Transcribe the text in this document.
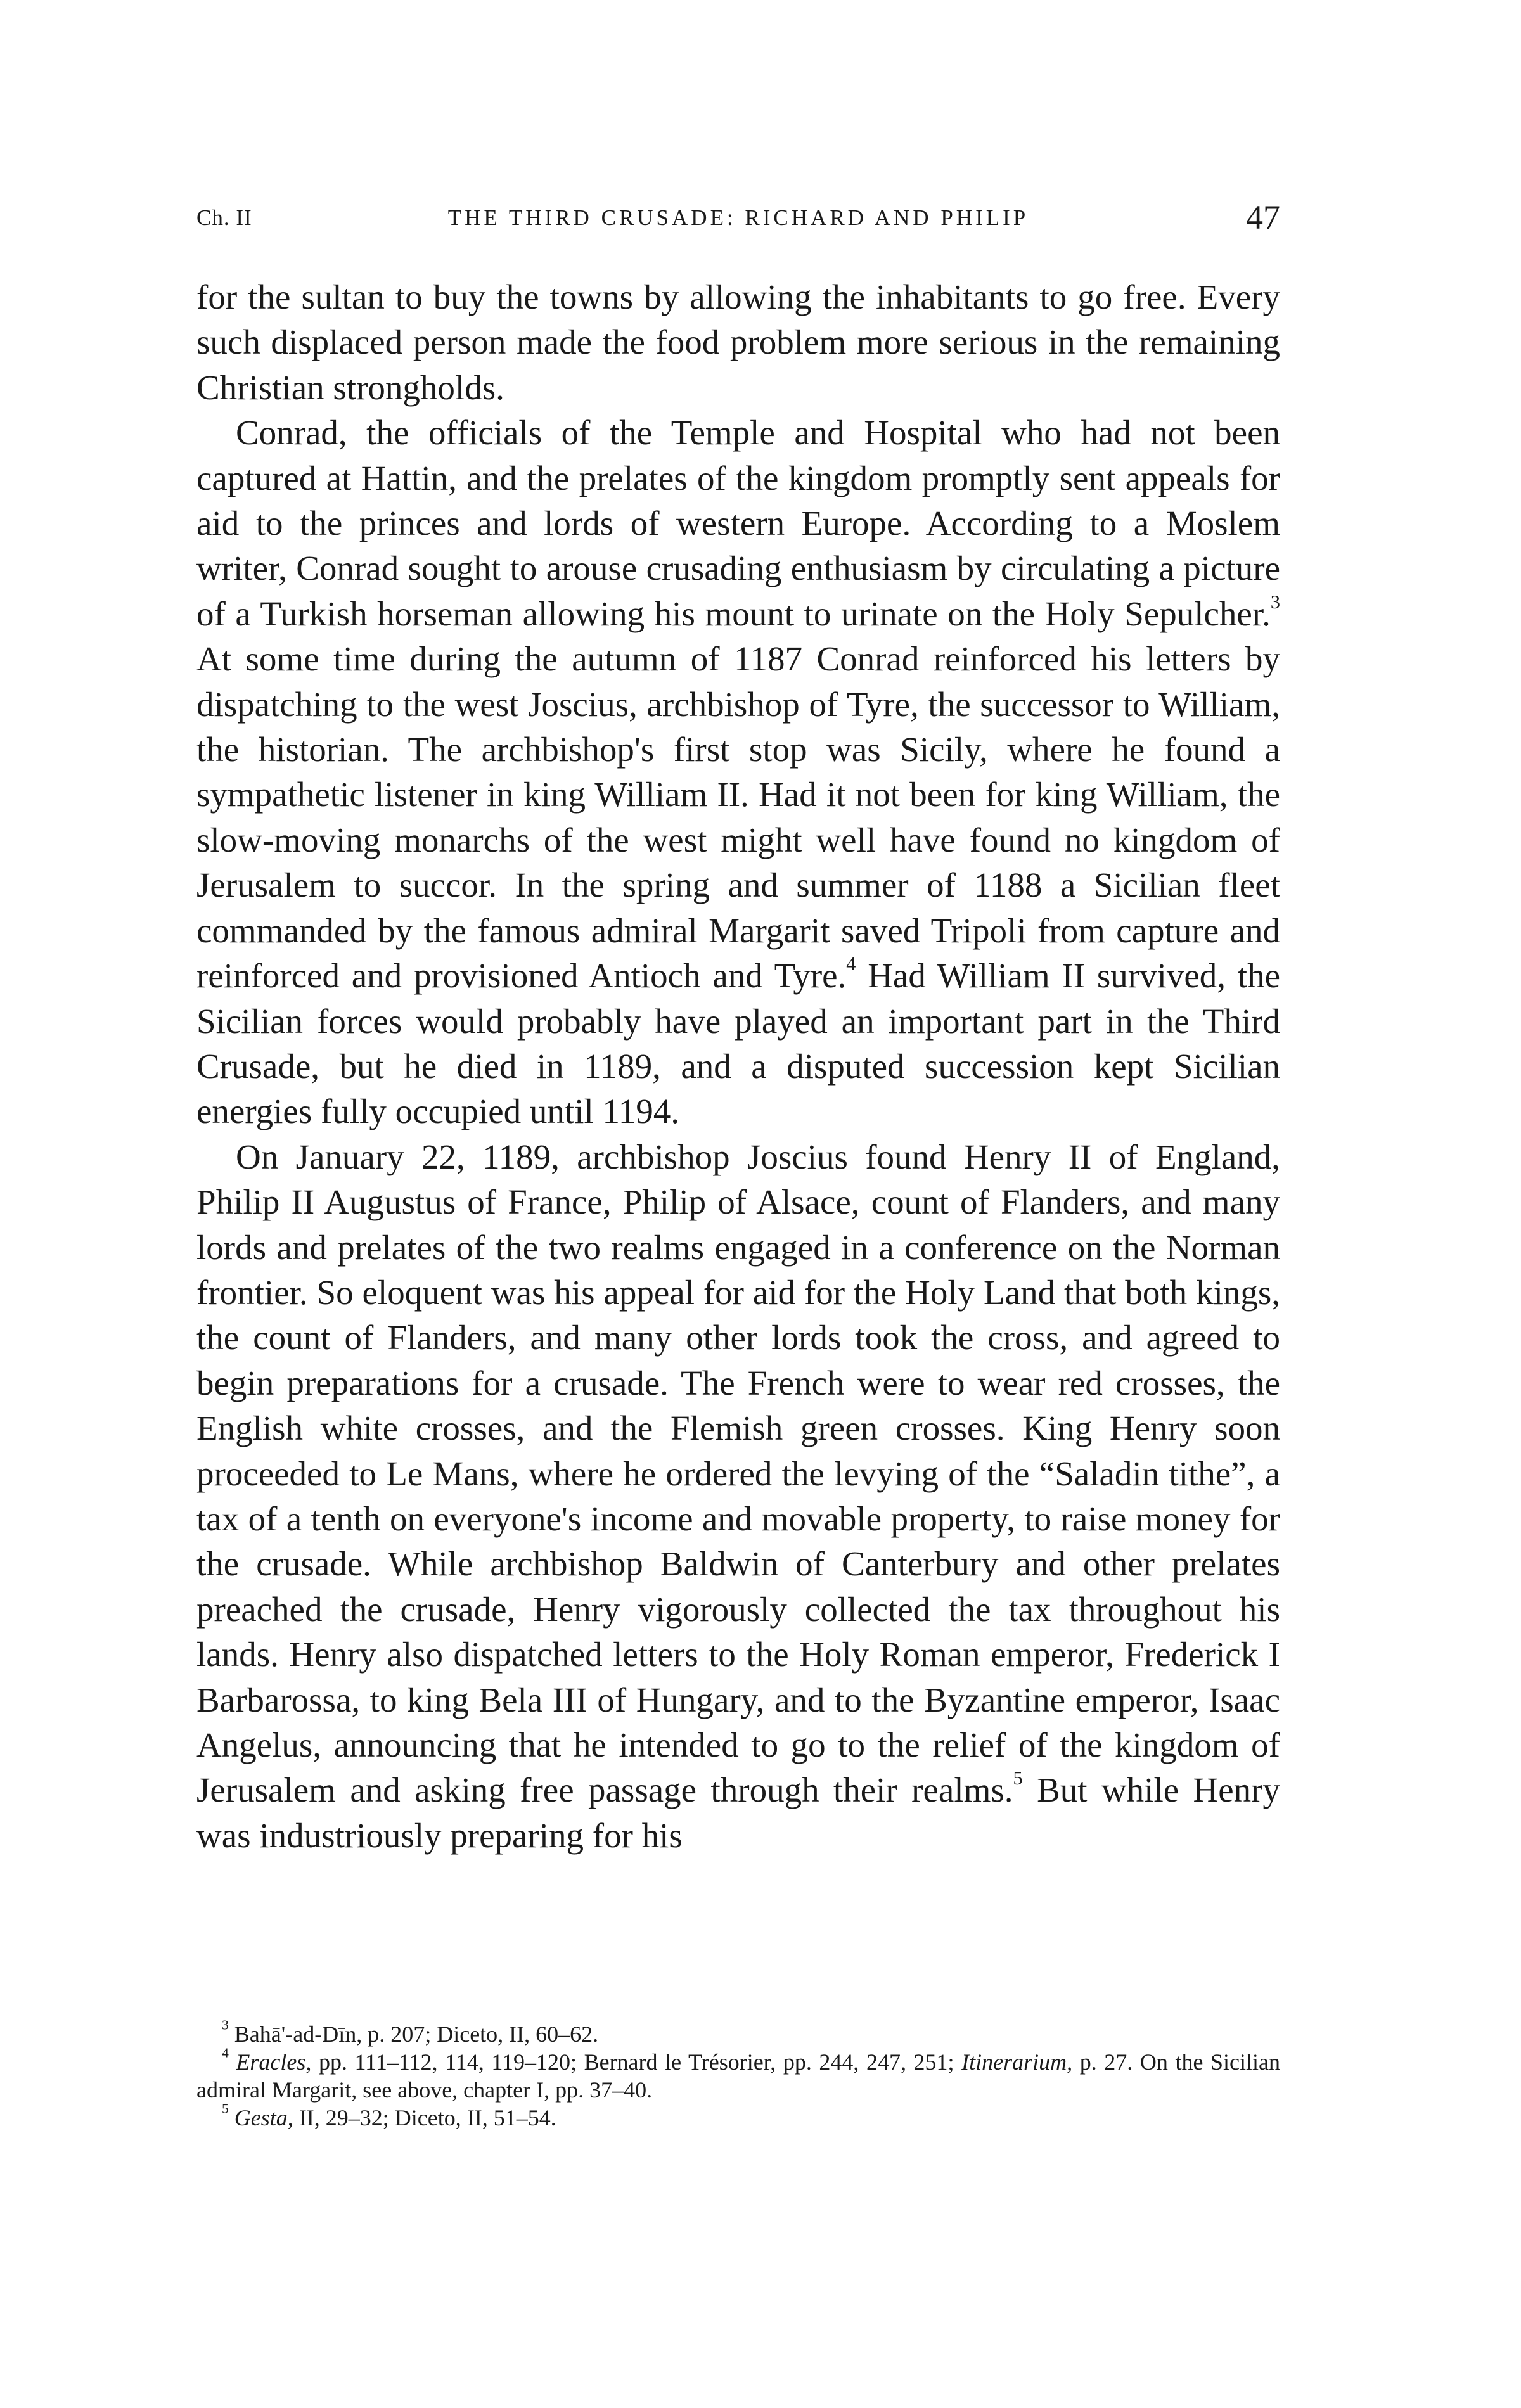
Ch. II	THE THIRD CRUSADE: RICHARD AND PHILIP	47

for the sultan to buy the towns by allowing the inhabitants to go free. Every such displaced person made the food problem more serious in the remaining Christian strongholds.

Conrad, the officials of the Temple and Hospital who had not been captured at Hattin, and the prelates of the kingdom promptly sent appeals for aid to the princes and lords of western Europe. According to a Moslem writer, Conrad sought to arouse crusading enthusiasm by circulating a picture of a Turkish horseman allowing his mount to urinate on the Holy Sepulcher.$^3$ At some time during the autumn of 1187 Conrad reinforced his letters by dispatching to the west Joscius, archbishop of Tyre, the successor to William, the historian. The archbishop's first stop was Sicily, where he found a sympathetic listener in king William II. Had it not been for king William, the slow-moving monarchs of the west might well have found no kingdom of Jerusalem to succor. In the spring and summer of 1188 a Sicilian fleet commanded by the famous admiral Margarit saved Tripoli from capture and reinforced and provisioned Antioch and Tyre.$^4$ Had William II survived, the Sicilian forces would probably have played an important part in the Third Crusade, but he died in 1189, and a disputed succession kept Sicilian energies fully occupied until 1194.

On January 22, 1189, archbishop Joscius found Henry II of England, Philip II Augustus of France, Philip of Alsace, count of Flanders, and many lords and prelates of the two realms engaged in a conference on the Norman frontier. So eloquent was his appeal for aid for the Holy Land that both kings, the count of Flanders, and many other lords took the cross, and agreed to begin preparations for a crusade. The French were to wear red crosses, the English white crosses, and the Flemish green crosses. King Henry soon proceeded to Le Mans, where he ordered the levying of the “Saladin tithe”, a tax of a tenth on everyone's income and movable property, to raise money for the crusade. While archbishop Baldwin of Canterbury and other prelates preached the crusade, Henry vigorously collected the tax throughout his lands. Henry also dispatched letters to the Holy Roman emperor, Frederick I Barbarossa, to king Bela III of Hungary, and to the Byzantine emperor, Isaac Angelus, announcing that he intended to go to the relief of the kingdom of Jerusalem and asking free passage through their realms.$^5$ But while Henry was industriously preparing for his

$^3$ Bahā'-ad-Dīn, p. 207; Diceto, II, 60–62.

$^4$ Eracles, pp. 111–112, 114, 119–120; Bernard le Trésorier, pp. 244, 247, 251; Itinerarium, p. 27. On the Sicilian admiral Margarit, see above, chapter I, pp. 37–40.

$^5$ Gesta, II, 29–32; Diceto, II, 51–54.
